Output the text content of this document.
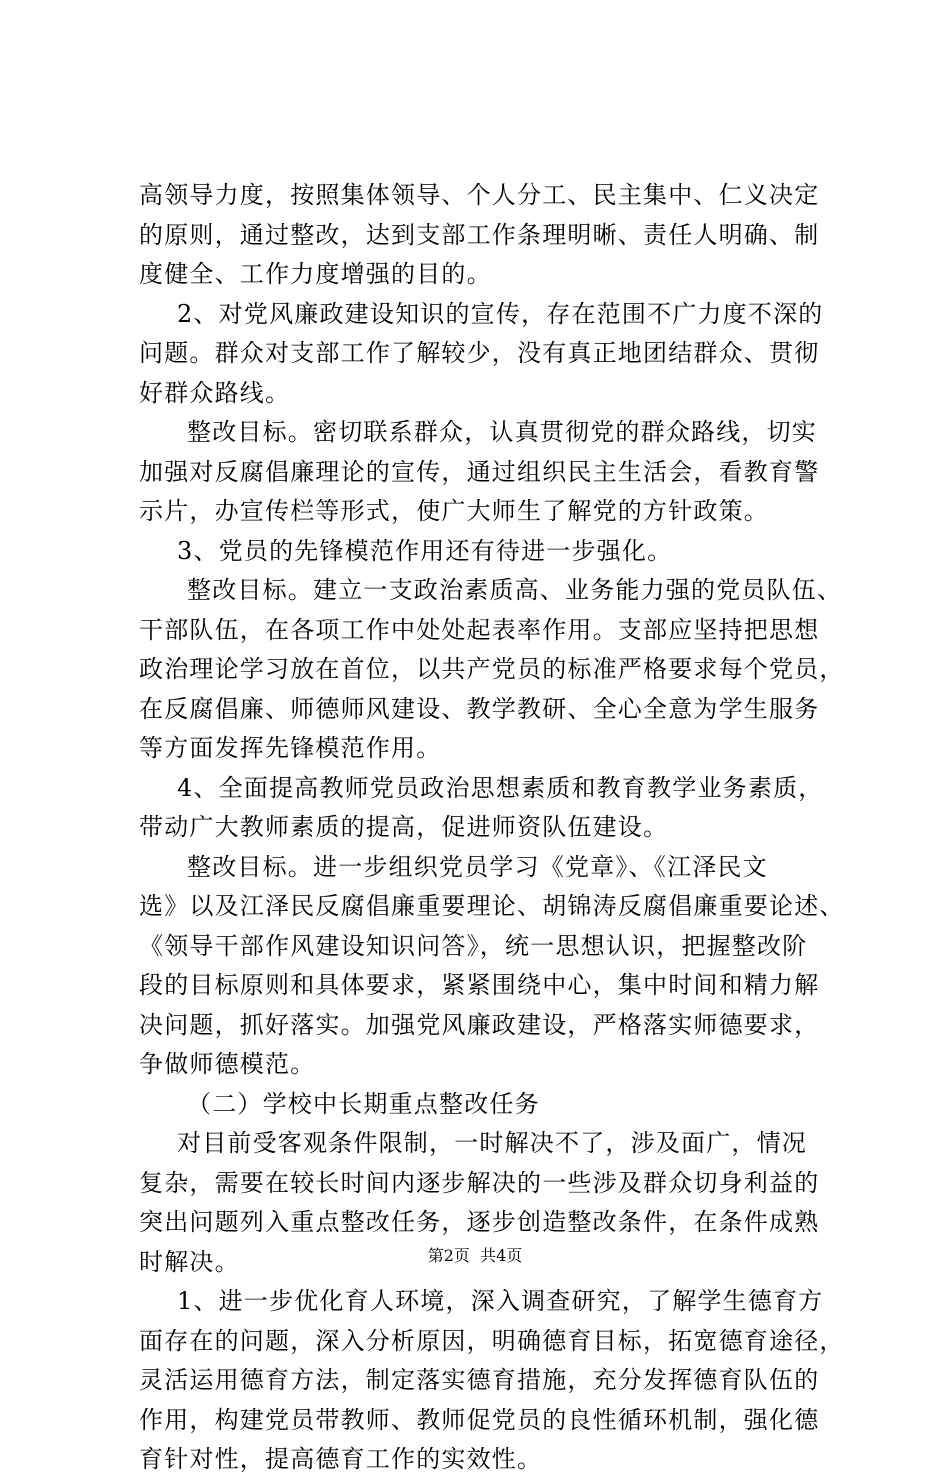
高领导力度，按照集体领导、个人分工、民主集中、仁义决定
的原则，通过整改，达到支部工作条理明晰、责任人明确、制
度健全、工作力度增强的目的。
2、对党风廉政建设知识的宣传，存在范围不广力度不深的
问题。群众对支部工作了解较少，没有真正地团结群众、贯彻
好群众路线。
整改目标。密切联系群众，认真贯彻党的群众路线，切实
加强对反腐倡廉理论的宣传，通过组织民主生活会，看教育警
示片，办宣传栏等形式，使广大师生了解党的方针政策。
3、党员的先锋模范作用还有待进一步强化。
整改目标。建立一支政治素质高、业务能力强的党员队伍、
干部队伍，在各项工作中处处起表率作用。支部应坚持把思想
政治理论学习放在首位，以共产党员的标准严格要求每个党员，
在反腐倡廉、师德师风建设、教学教研、全心全意为学生服务
等方面发挥先锋模范作用。
4、全面提高教师党员政治思想素质和教育教学业务素质，
带动广大教师素质的提高，促进师资队伍建设。
整改目标。进一步组织党员学习《党章》、《江泽民文
选》以及江泽民反腐倡廉重要理论、胡锦涛反腐倡廉重要论述、
《领导干部作风建设知识问答》，统一思想认识，把握整改阶
段的目标原则和具体要求，紧紧围绕中心，集中时间和精力解
决问题，抓好落实。加强党风廉政建设，严格落实师德要求，
争做师德模范。
（二）学校中长期重点整改任务
对目前受客观条件限制，一时解决不了，涉及面广，情况
复杂，需要在较长时间内逐步解决的一些涉及群众切身利益的
突出问题列入重点整改任务，逐步创造整改条件，在条件成熟
时解决。
1、进一步优化育人环境，深入调查研究，了解学生德育方
面存在的问题，深入分析原因，明确德育目标，拓宽德育途径，
灵活运用德育方法，制定落实德育措施，充分发挥德育队伍的
作用，构建党员带教师、教师促党员的良性循环机制，强化德
育针对性，提高德育工作的实效性。
第2页  共4页
